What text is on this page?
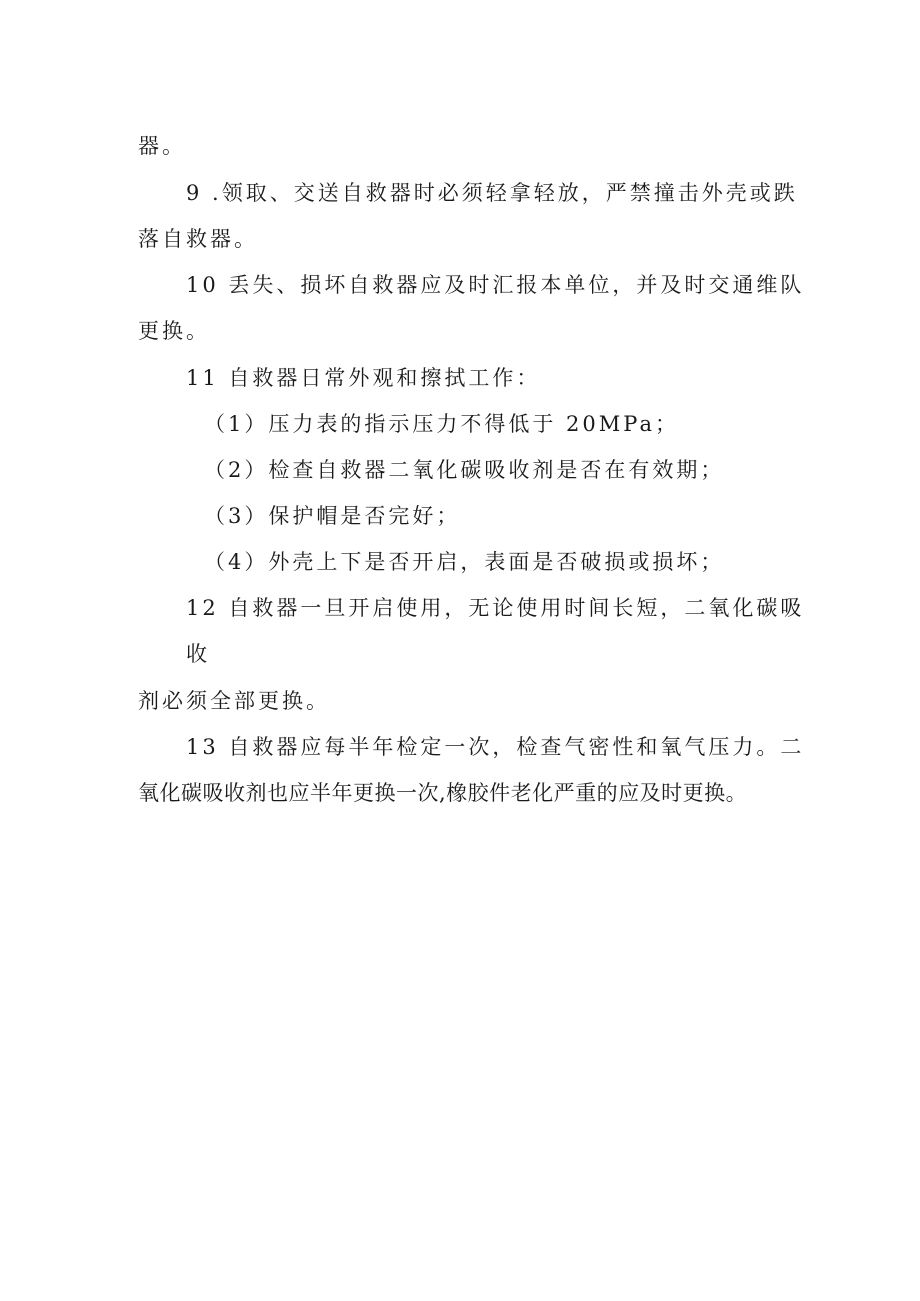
器。
9 .领取、交送自救器时必须轻拿轻放，严禁撞击外壳或跌
落自救器。
10 丢失、损坏自救器应及时汇报本单位，并及时交通维队
更换。
11 自救器日常外观和擦拭工作：
（1）压力表的指示压力不得低于 20MPa；
（2）检查自救器二氧化碳吸收剂是否在有效期；
（3）保护帽是否完好；
（4）外壳上下是否开启，表面是否破损或损坏；
12 自救器一旦开启使用，无论使用时间长短，二氧化碳吸
收
剂必须全部更换。
13 自救器应每半年检定一次，检查气密性和氧气压力。二
氧化碳吸收剂也应半年更换一次,橡胶件老化严重的应及时更换。
